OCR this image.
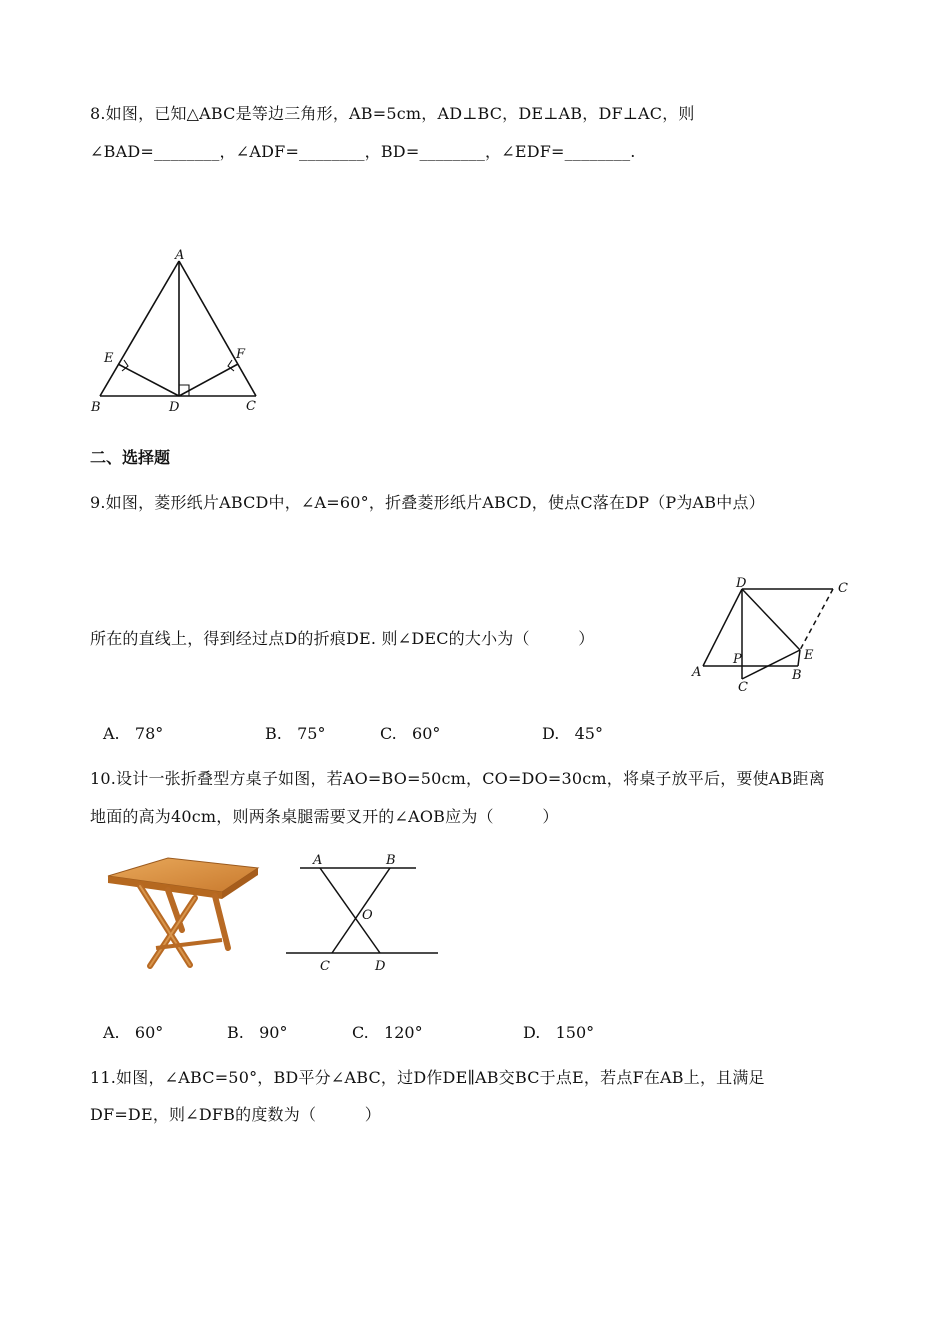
8.如图，已知△ABC是等边三角形，AB=5cm，AD⊥BC，DE⊥AB，DF⊥AC，则
∠BAD=________，∠ADF=________，BD=________，∠EDF=________.
A
E	F
B	D	C
二、选择题
9.如图，菱形纸片ABCD中，∠A=60°，折叠菱形纸片ABCD，使点C落在DP（P为AB中点）
所在的直线上，得到经过点D的折痕DE. 则∠DEC的大小为（　　　）
D	C
P	E
A	B
C
A. 78°	B. 75°	C. 60°	D. 45°
10.设计一张折叠型方桌子如图，若AO=BO=50cm，CO=DO=30cm，将桌子放平后，要使AB距离
地面的高为40cm，则两条桌腿需要叉开的∠AOB应为（　　　）
A	B
O
C	D
A. 60°	B. 90°	C. 120°	D. 150°
11.如图，∠ABC=50°，BD平分∠ABC，过D作DE∥AB交BC于点E，若点F在AB上，且满足
DF=DE，则∠DFB的度数为（　　　）
